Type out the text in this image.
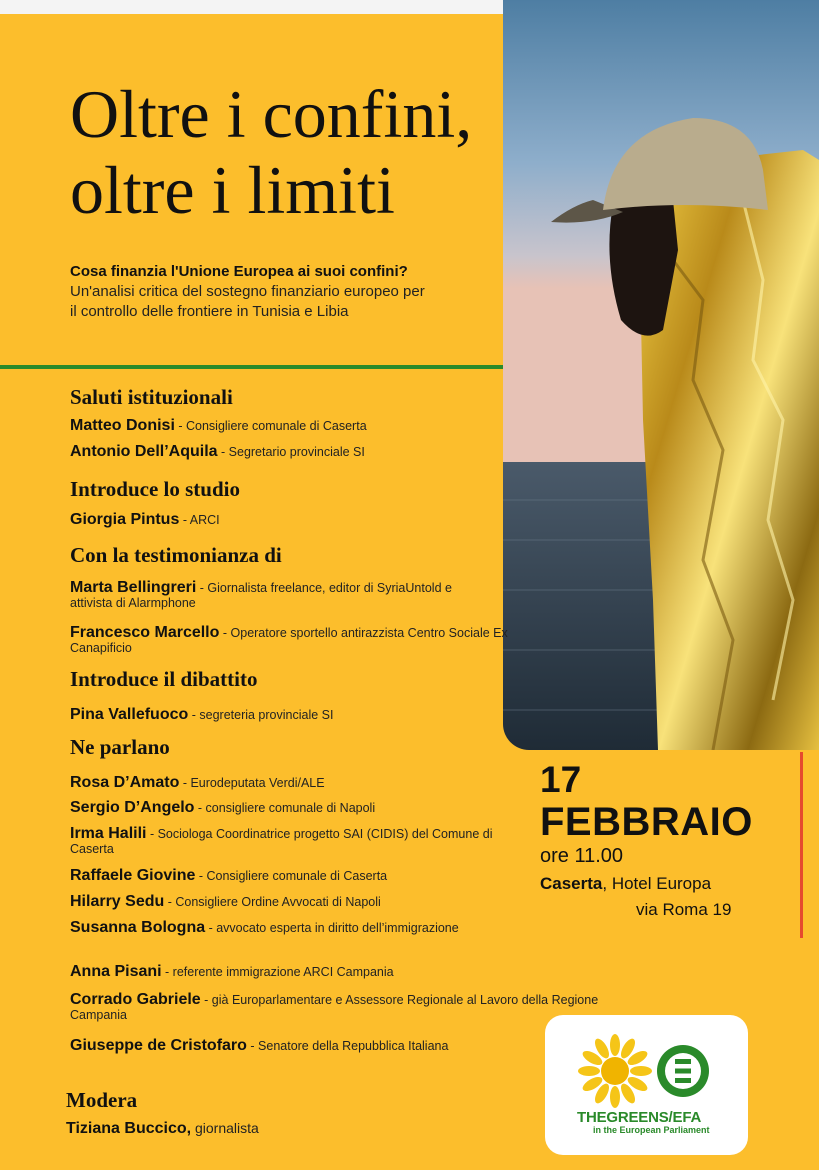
Oltre i confini,
oltre i limiti

Cosa finanzia l'Unione Europea ai suoi confini? Un'analisi critica del sostegno finanziario europeo per il controllo delle frontiere in Tunisia e Libia

Saluti istituzionali

Matteo Donisi - Consigliere comunale di Caserta

Antonio Dell’Aquila - Segretario provinciale SI

Introduce lo studio

Giorgia Pintus - ARCI

Con la testimonianza di

Marta Bellingreri - Giornalista freelance, editor di SyriaUntold e attivista di Alarmphone

Francesco Marcello - Operatore sportello antirazzista Centro Sociale Ex Canapificio

Introduce il dibattito

Pina Vallefuoco - segreteria provinciale SI

Ne parlano

Rosa D’Amato - Eurodeputata Verdi/ALE

Sergio D’Angelo - consigliere comunale di Napoli

Irma Halili - Sociologa Coordinatrice progetto SAI (CIDIS) del Comune di Caserta

Raffaele Giovine - Consigliere comunale di Caserta

Hilarry Sedu - Consigliere Ordine Avvocati di Napoli

Susanna Bologna - avvocato esperta in diritto dell’immigrazione

Anna Pisani - referente immigrazione ARCI Campania

Corrado Gabriele - già Europarlamentare e Assessore Regionale al Lavoro della Regione Campania

Giuseppe de Cristofaro - Senatore della Repubblica Italiana

Modera

Tiziana Buccico, giornalista

17
FEBBRAIO
ore 11.00
Caserta, Hotel Europa
via Roma 19
THEGREENS/EFA
in the European Parliament
